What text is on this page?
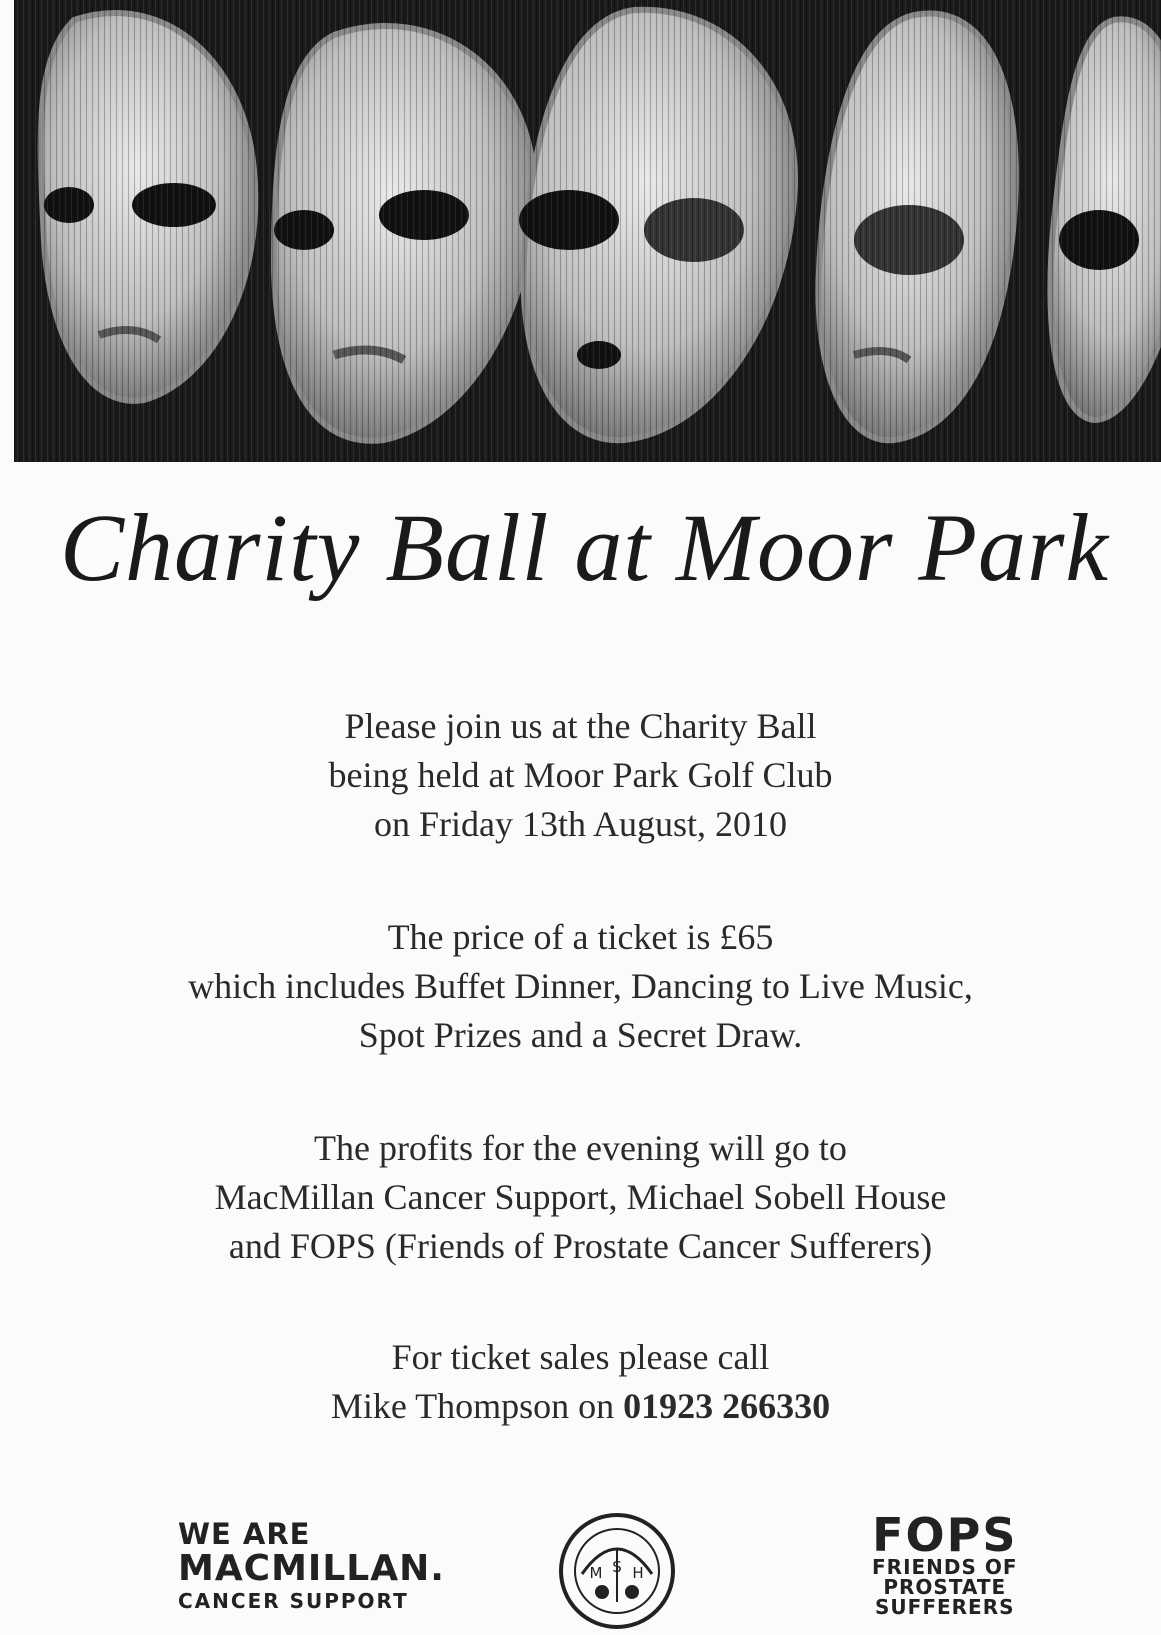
Charity Ball at Moor Park

Please join us at the Charity Ball

being held at Moor Park Golf Club

on Friday 13th August, 2010

The price of a ticket is £65

which includes Buffet Dinner, Dancing to Live Music,

Spot Prizes and a Secret Draw.

The profits for the evening will go to

MacMillan Cancer Support, Michael Sobell House

and FOPS (Friends of Prostate Cancer Sufferers)

For ticket sales please call

Mike Thompson on 01923 266330

WE ARE
MACMILLAN.
CANCER SUPPORT
M S H
FOPS
FRIENDS OF
PROSTATE
SUFFERERS
